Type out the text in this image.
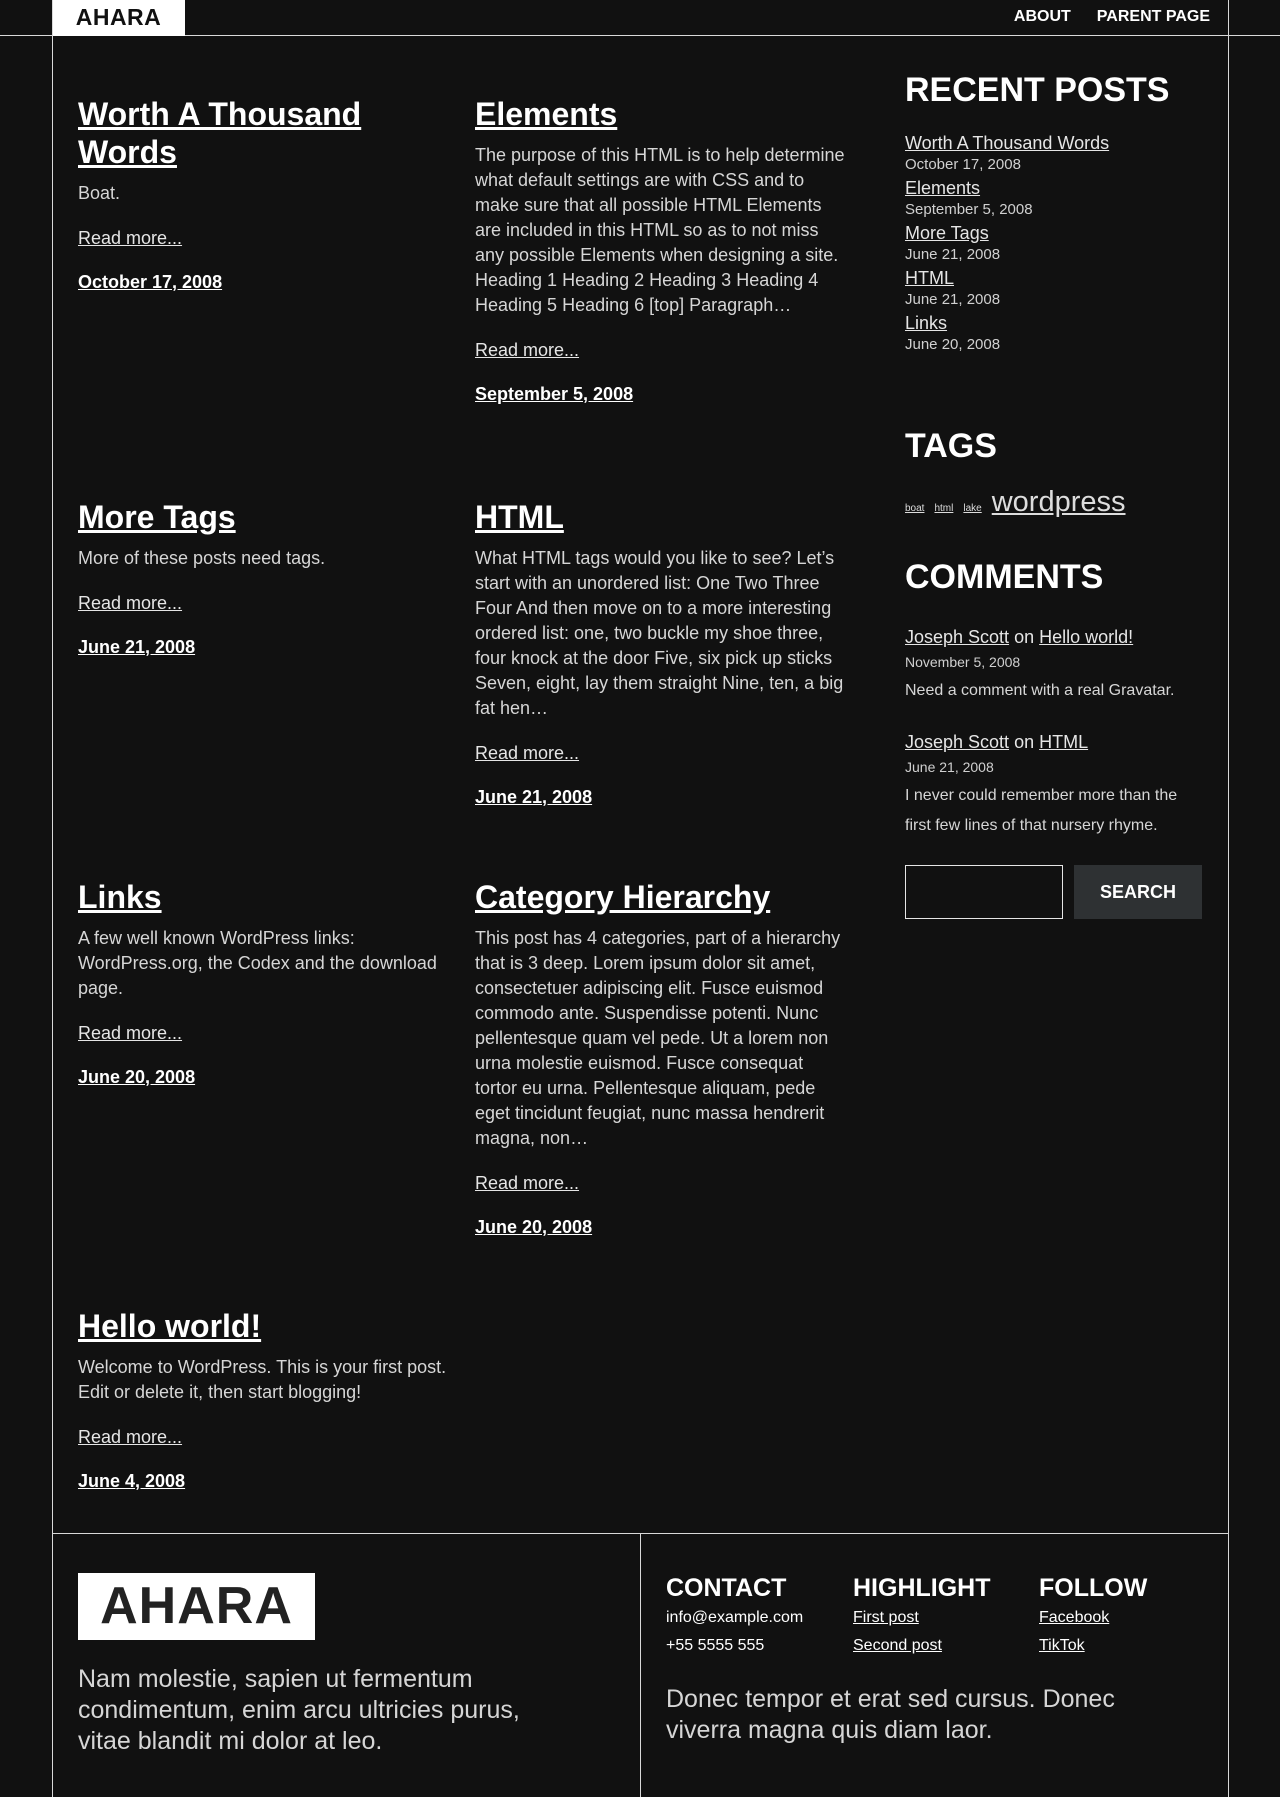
AHARA	ABOUT PARENT PAGE
Worth A Thousand Words

Boat.

Read more...
October 17, 2008
Elements

The purpose of this HTML is to help determine what default settings are with CSS and to make sure that all possible HTML Elements are included in this HTML so as to not miss any possible Elements when designing a site. Heading 1 Heading 2 Heading 3 Heading 4 Heading 5 Heading 6 [top] Paragraph…

Read more...
September 5, 2008
More Tags

More of these posts need tags.

Read more...
June 21, 2008
HTML

What HTML tags would you like to see? Let’s start with an unordered list: One Two Three Four And then move on to a more interesting ordered list: one, two buckle my shoe three, four knock at the door Five, six pick up sticks Seven, eight, lay them straight Nine, ten, a big fat hen…

Read more...
June 21, 2008
Links

A few well known WordPress links: WordPress.org, the Codex and the download page.

Read more...
June 20, 2008
Category Hierarchy

This post has 4 categories, part of a hierarchy that is 3 deep. Lorem ipsum dolor sit amet, consectetuer adipiscing elit. Fusce euismod commodo ante. Suspendisse potenti. Nunc pellentesque quam vel pede. Ut a lorem non urna molestie euismod. Fusce consequat tortor eu urna. Pellentesque aliquam, pede eget tincidunt feugiat, nunc massa hendrerit magna, non…

Read more...
June 20, 2008
Hello world!

Welcome to WordPress. This is your first post. Edit or delete it, then start blogging!

Read more...
June 4, 2008
RECENT POSTS
Worth A Thousand Words
October 17, 2008
Elements
September 5, 2008
More Tags
June 21, 2008
HTML
June 21, 2008
Links
June 20, 2008
TAGS
boat html lake wordpress
COMMENTS
Joseph Scott on Hello world!
November 5, 2008
Need a comment with a real Gravatar.
Joseph Scott on HTML
June 21, 2008
I never could remember more than the first few lines of that nursery rhyme.
SEARCH
AHARA
Nam molestie, sapien ut fermentum condimentum, enim arcu ultricies purus, vitae blandit mi dolor at leo.
CONTACT
info@example.com
+55 5555 555
HIGHLIGHT
First post
Second post
FOLLOW
Facebook
TikTok
Donec tempor et erat sed cursus. Donec viverra magna quis diam laor.
